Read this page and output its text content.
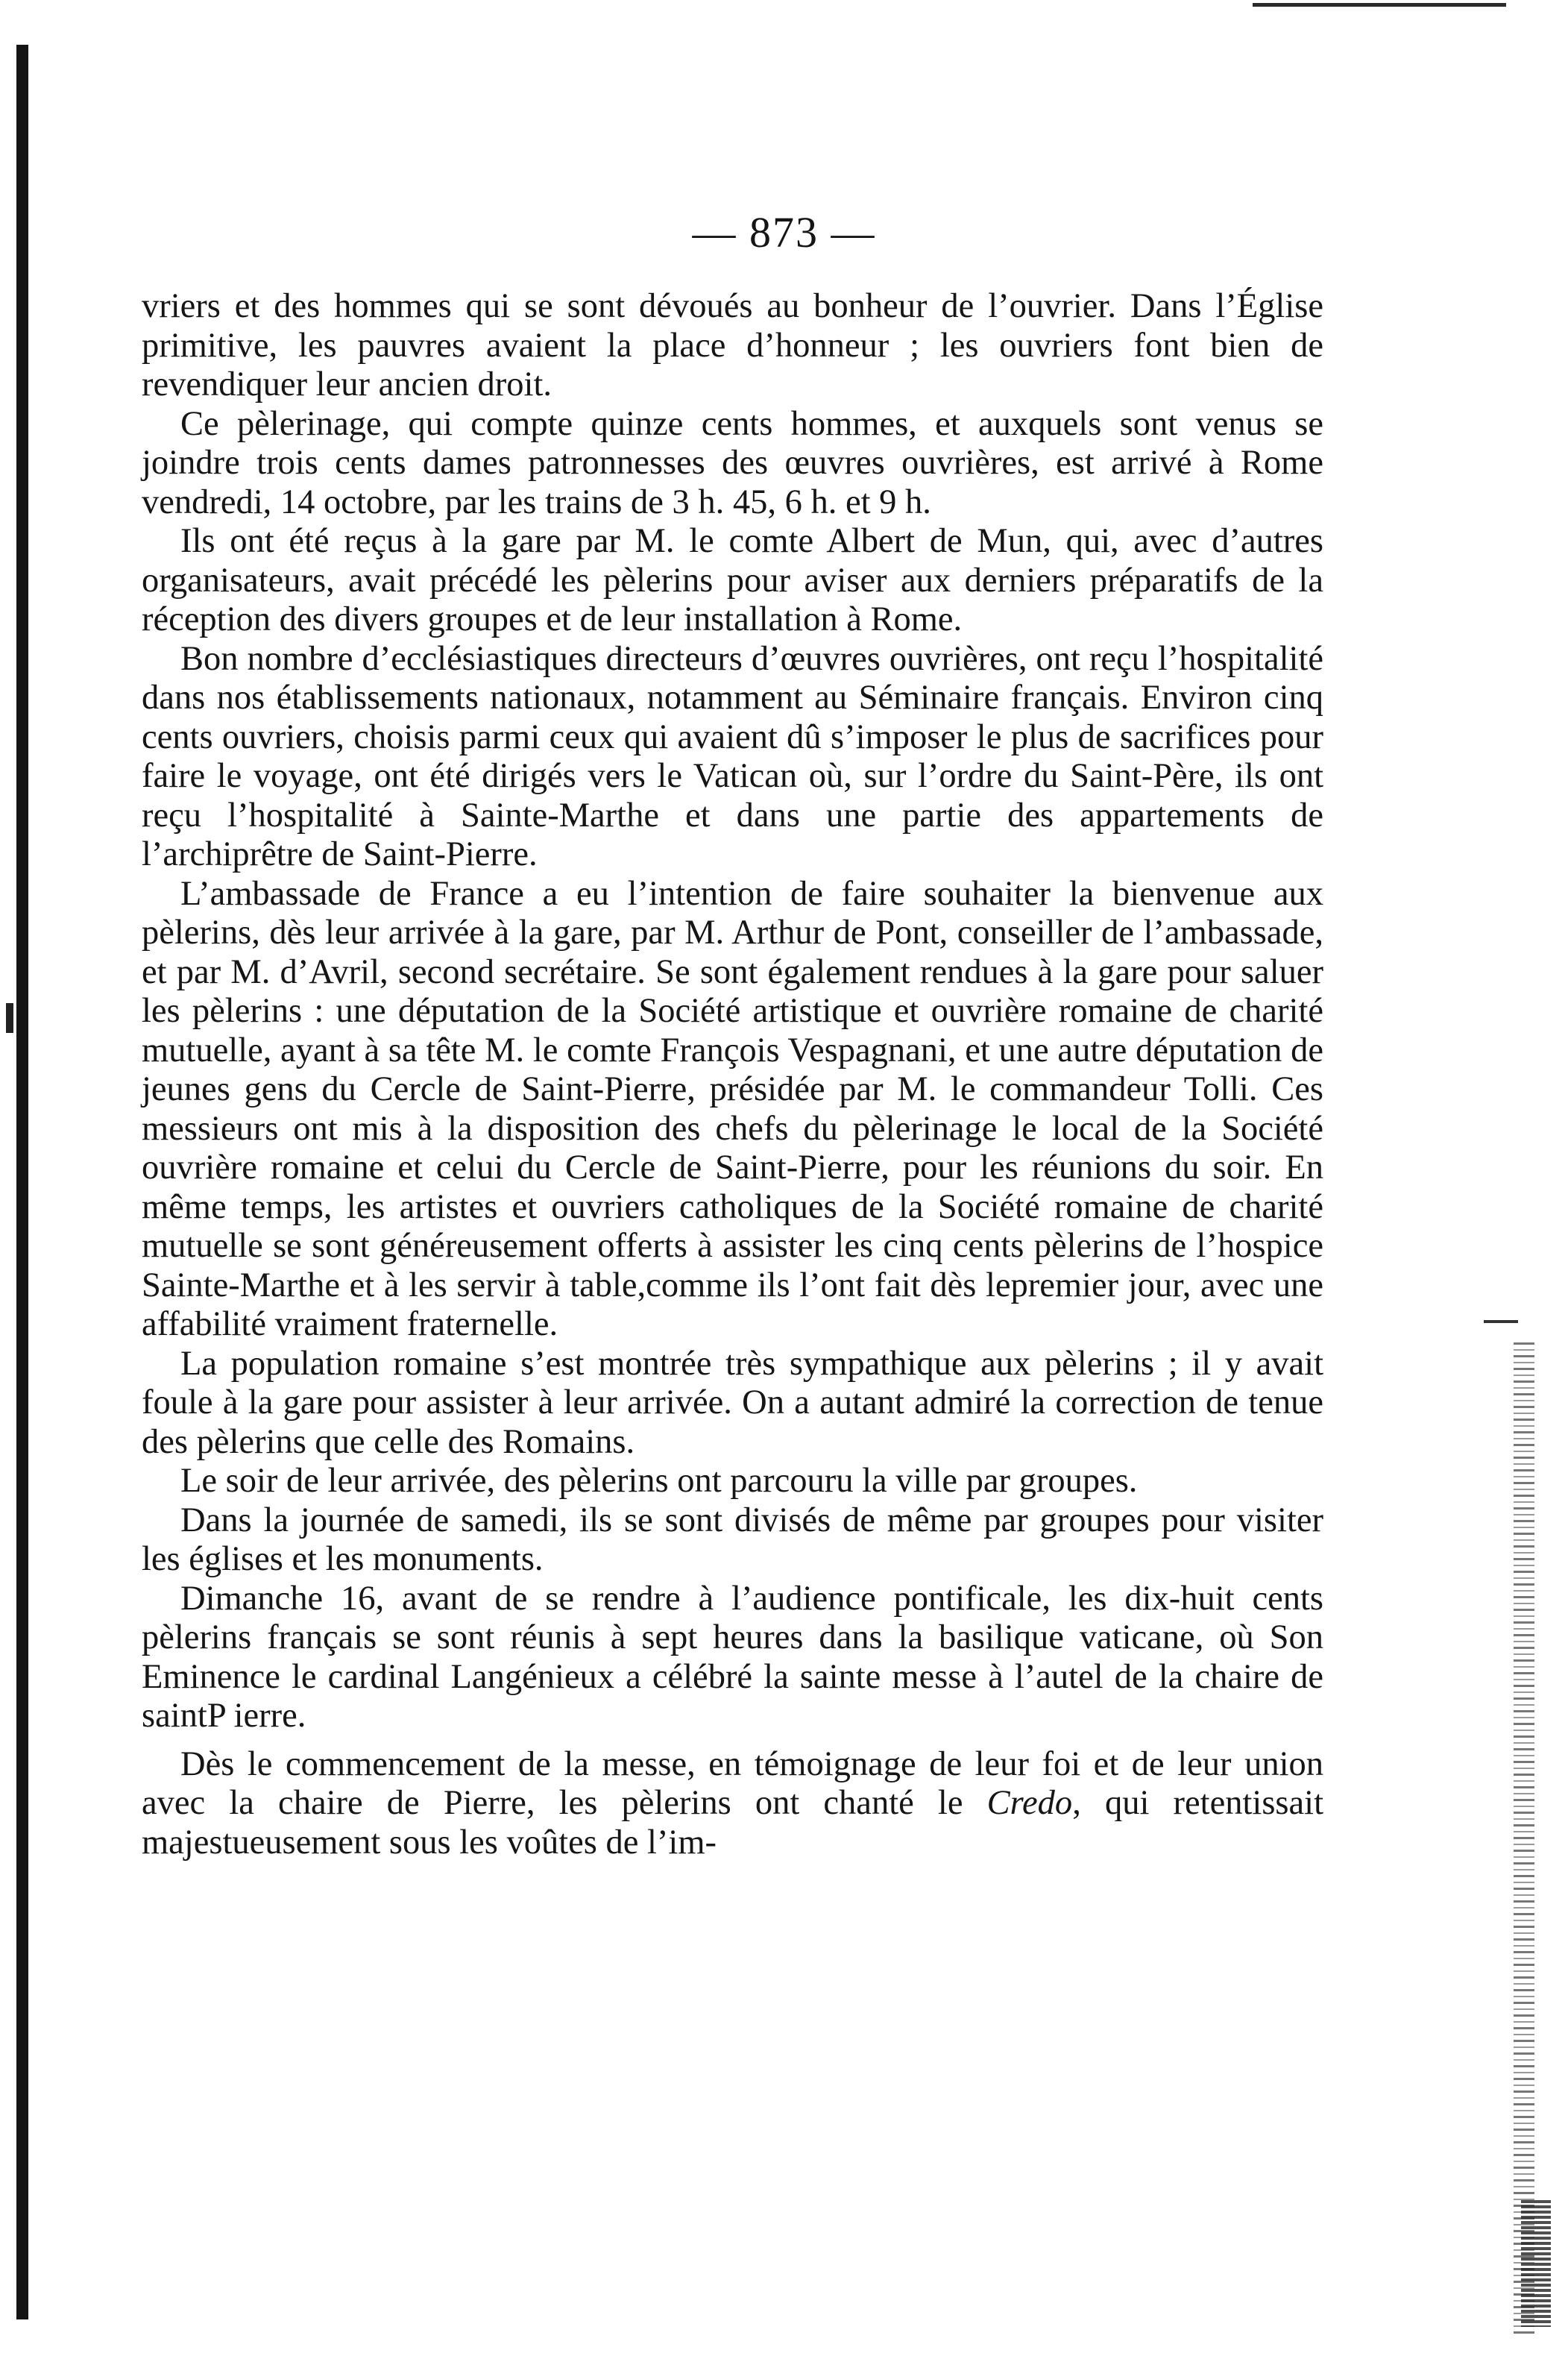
— 873 —

vriers et des hommes qui se sont dévoués au bonheur de l’ouvrier. Dans l’Église primitive, les pauvres avaient la place d’honneur ; les ouvriers font bien de revendiquer leur ancien droit.

Ce pèlerinage, qui compte quinze cents hommes, et auxquels sont venus se joindre trois cents dames patronnesses des œuvres ouvrières, est arrivé à Rome vendredi, 14 octobre, par les trains de 3 h. 45, 6 h. et 9 h.

Ils ont été reçus à la gare par M. le comte Albert de Mun, qui, avec d’autres organisateurs, avait précédé les pèlerins pour aviser aux derniers préparatifs de la réception des divers groupes et de leur installation à Rome.

Bon nombre d’ecclésiastiques directeurs d’œuvres ouvrières, ont reçu l’hospitalité dans nos établissements nationaux, notamment au Séminaire français. Environ cinq cents ouvriers, choisis parmi ceux qui avaient dû s’imposer le plus de sacrifices pour faire le voyage, ont été dirigés vers le Vatican où, sur l’ordre du Saint-Père, ils ont reçu l’hospitalité à Sainte-Marthe et dans une partie des appartements de l’archiprêtre de Saint-Pierre.

L’ambassade de France a eu l’intention de faire souhaiter la bienvenue aux pèlerins, dès leur arrivée à la gare, par M. Arthur de Pont, conseiller de l’ambassade, et par M. d’Avril, second secrétaire. Se sont également rendues à la gare pour saluer les pèlerins : une députation de la Société artistique et ouvrière romaine de charité mutuelle, ayant à sa tête M. le comte François Vespagnani, et une autre députation de jeunes gens du Cercle de Saint-Pierre, présidée par M. le commandeur Tolli. Ces messieurs ont mis à la disposition des chefs du pèlerinage le local de la Société ouvrière romaine et celui du Cercle de Saint-Pierre, pour les réunions du soir. En même temps, les artistes et ouvriers catholiques de la Société romaine de charité mutuelle se sont généreusement offerts à assister les cinq cents pèlerins de l’hospice Sainte-Marthe et à les servir à table,comme ils l’ont fait dès lepremier jour, avec une affabilité vraiment fraternelle.

La population romaine s’est montrée très sympathique aux pèlerins ; il y avait foule à la gare pour assister à leur arrivée. On a autant admiré la correction de tenue des pèlerins que celle des Romains.

Le soir de leur arrivée, des pèlerins ont parcouru la ville par groupes.

Dans la journée de samedi, ils se sont divisés de même par groupes pour visiter les églises et les monuments.

Dimanche 16, avant de se rendre à l’audience pontificale, les dix-huit cents pèlerins français se sont réunis à sept heures dans la basilique vaticane, où Son Eminence le cardinal Langénieux a célébré la sainte messe à l’autel de la chaire de saintP ierre.

Dès le commencement de la messe, en témoignage de leur foi et de leur union avec la chaire de Pierre, les pèlerins ont chanté le Credo, qui retentissait majestueusement sous les voûtes de l’im-
